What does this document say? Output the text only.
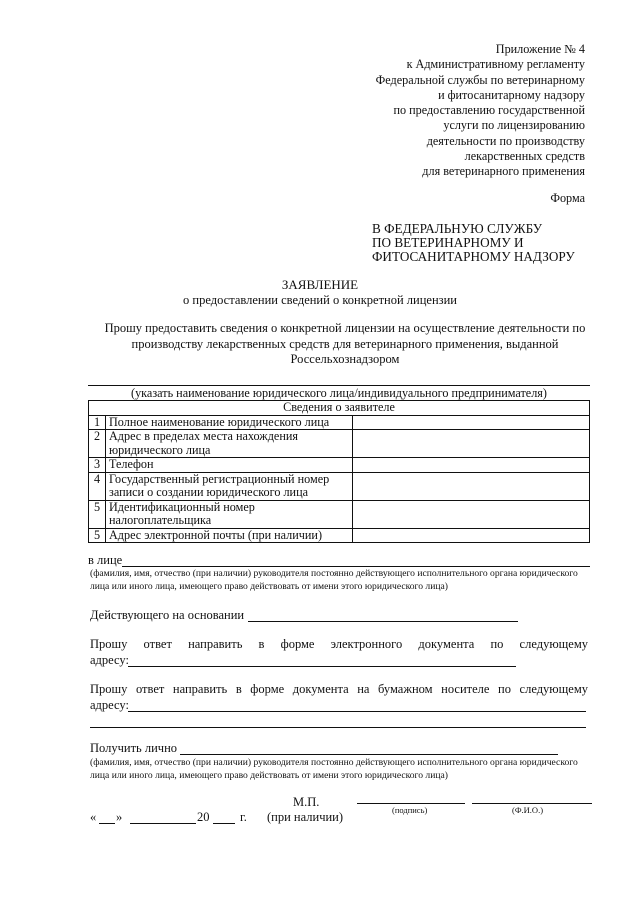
Приложение № 4
к Административному регламенту
Федеральной службы по ветеринарному
и фитосанитарному надзору
по предоставлению государственной
услуги по лицензированию
деятельности по производству
лекарственных средств
для ветеринарного применения
Форма
В ФЕДЕРАЛЬНУЮ СЛУЖБУ
ПО ВЕТЕРИНАРНОМУ И
ФИТОСАНИТАРНОМУ НАДЗОРУ
ЗАЯВЛЕНИЕ
о предоставлении сведений о конкретной лицензии
Прошу предоставить сведения о конкретной лицензии на осуществление деятельности по производству лекарственных средств для ветеринарного применения, выданной Россельхознадзором
(указать наименование юридического лица/индивидуального предпринимателя)
Сведения о заявителе		
1	Полное наименование юридического лица	
2	Адрес в пределах места нахождения юридического лица	
3	Телефон	
4	Государственный регистрационный номер записи о создании юридического лица	
5	Идентификационный номер налогоплательщика	
5	Адрес электронной почты (при наличии)	
в лице
(фамилия, имя, отчество (при наличии) руководителя постоянно действующего исполнительного органа юридического лица или иного лица, имеющего право действовать от имени этого юридического лица)
Действующего на основании
Прошу ответ направить в форме электронного документа по следующему
адресу:
Прошу ответ направить в форме документа на бумажном носителе по следующему
адресу:
Получить лично
(фамилия, имя, отчество (при наличии) руководителя постоянно действующего исполнительного органа юридического лица или иного лица, имеющего право действовать от имени этого юридического лица)
М.П.
(подпись)	(Ф.И.О.)
« »	20 г. (при наличии)
